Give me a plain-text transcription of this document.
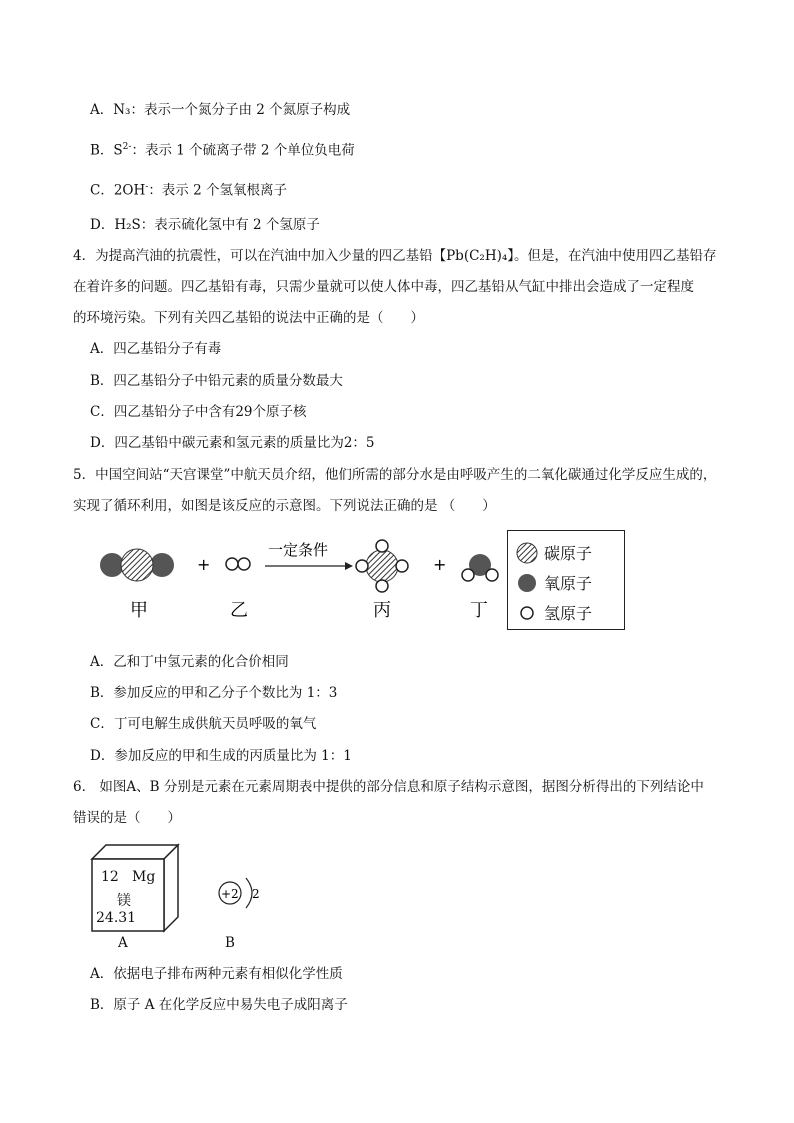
A．N₃：表示一个氮分子由 2 个氮原子构成
B．$S^{2-}$：表示 1 个硫离子带 2 个单位负电荷
C．2OH-：表示 2 个氢氧根离子
D．H₂S：表示硫化氢中有 2 个氢原子
4．为提高汽油的抗震性，可以在汽油中加入少量的四乙基铅【Pb(C₂H)₄】。但是，在汽油中使用四乙基铅存
在着许多的问题。四乙基铅有毒，只需少量就可以使人体中毒，四乙基铅从气缸中排出会造成了一定程度
的环境污染。下列有关四乙基铅的说法中正确的是（　　）
A．四乙基铅分子有毒
B．四乙基铅分子中铅元素的质量分数最大
C．四乙基铅分子中含有29个原子核
D．四乙基铅中碳元素和氢元素的质量比为2：5
5．中国空间站“天宫课堂”中航天员介绍，他们所需的部分水是由呼吸产生的二氧化碳通过化学反应生成的，
实现了循环利用，如图是该反应的示意图。下列说法正确的是 （　　）
+
一定条件
+
甲	乙	丙	丁
碳原子
氧原子
氢原子
A．乙和丁中氢元素的化合价相同
B．参加反应的甲和乙分子个数比为 1：3
C．丁可电解生成供航天员呼吸的氧气
D．参加反应的甲和生成的丙质量比为 1：1
6． 如图A、B 分别是元素在元素周期表中提供的部分信息和原子结构示意图，据图分析得出的下列结论中
错误的是（　　）
12 Mg
镁
24.31
+2 2
A	B
A．依据电子排布两种元素有相似化学性质
B．原子 A 在化学反应中易失电子成阳离子
